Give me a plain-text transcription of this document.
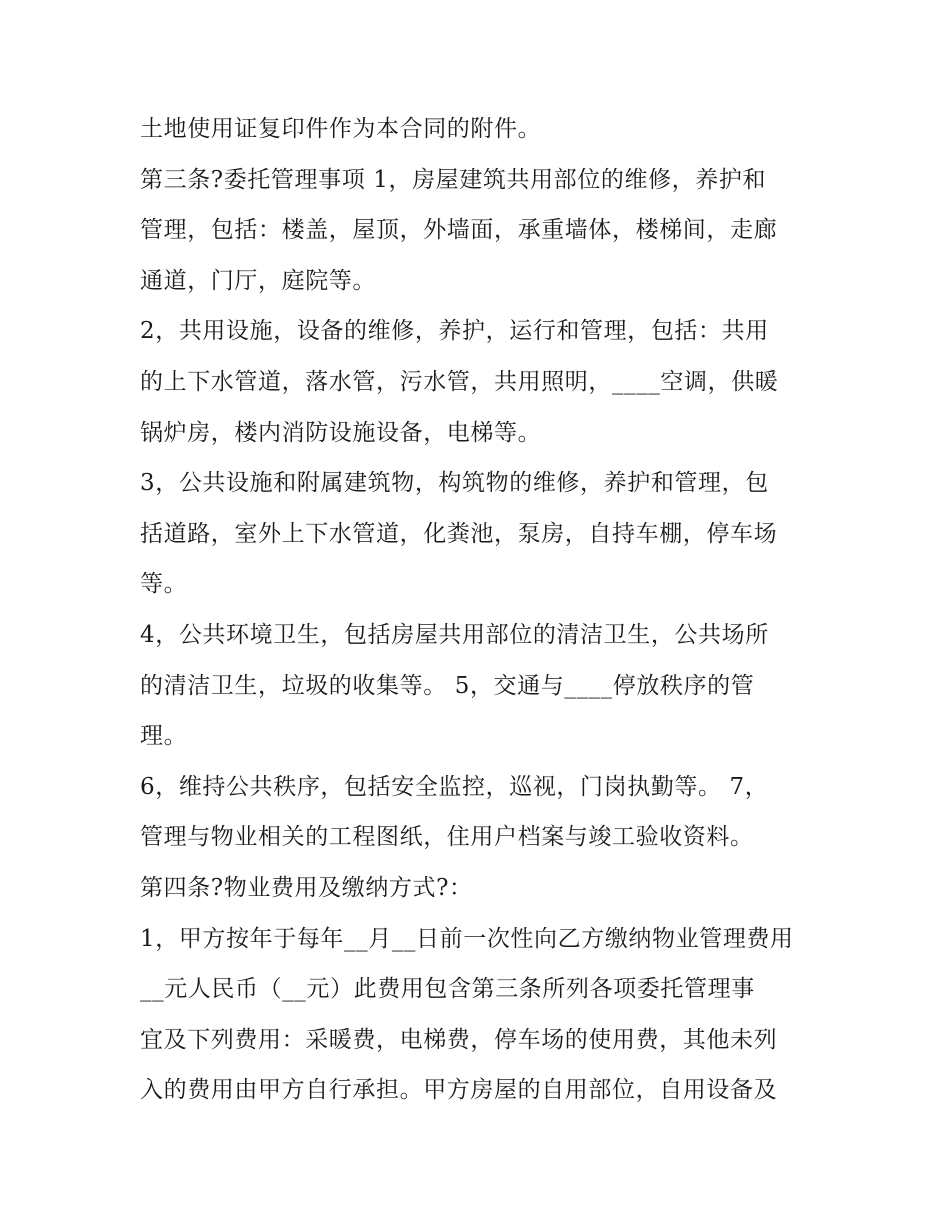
土地使用证复印件作为本合同的附件。
第三条?委托管理事项 1，房屋建筑共用部位的维修，养护和
管理，包括：楼盖，屋顶，外墙面，承重墙体，楼梯间，走廊
通道，门厅，庭院等。
2，共用设施，设备的维修，养护，运行和管理，包括：共用
的上下水管道，落水管，污水管，共用照明，____空调，供暖
锅炉房，楼内消防设施设备，电梯等。
3，公共设施和附属建筑物，构筑物的维修，养护和管理，包
括道路，室外上下水管道，化粪池，泵房，自持车棚，停车场
等。
4，公共环境卫生，包括房屋共用部位的清洁卫生，公共场所
的清洁卫生，垃圾的收集等。 5，交通与____停放秩序的管
理。
6，维持公共秩序，包括安全监控，巡视，门岗执勤等。 7，
管理与物业相关的工程图纸，住用户档案与竣工验收资料。
第四条?物业费用及缴纳方式?：
1，甲方按年于每年__月__日前一次性向乙方缴纳物业管理费用
__元人民币（__元）此费用包含第三条所列各项委托管理事
宜及下列费用：采暖费，电梯费，停车场的使用费，其他未列
入的费用由甲方自行承担。甲方房屋的自用部位，自用设备及
